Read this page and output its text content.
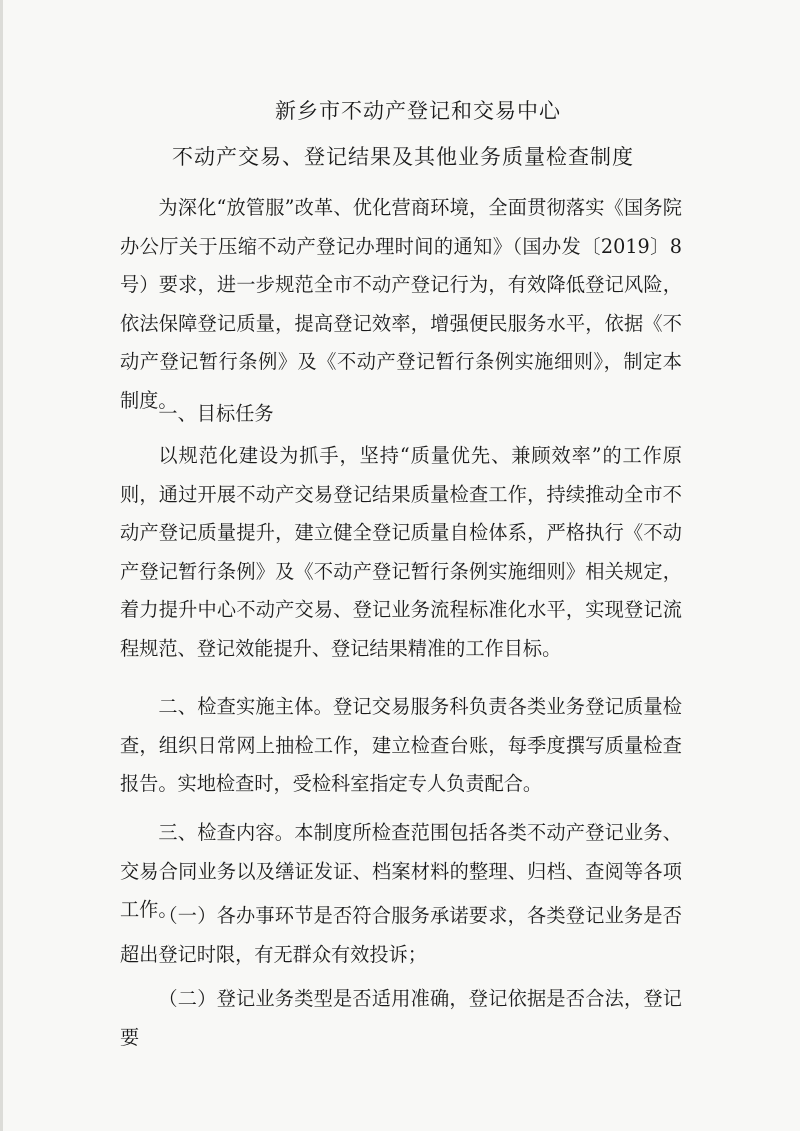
新乡市不动产登记和交易中心
不动产交易、登记结果及其他业务质量检查制度

为深化“放管服”改革、优化营商环境，全面贯彻落实《国务院办公厅关于压缩不动产登记办理时间的通知》（国办发〔2019〕8号）要求，进一步规范全市不动产登记行为，有效降低登记风险，依法保障登记质量，提高登记效率，增强便民服务水平，依据《不动产登记暂行条例》及《不动产登记暂行条例实施细则》，制定本制度。

一、目标任务

以规范化建设为抓手，坚持“质量优先、兼顾效率”的工作原则，通过开展不动产交易登记结果质量检查工作，持续推动全市不动产登记质量提升，建立健全登记质量自检体系，严格执行《不动产登记暂行条例》及《不动产登记暂行条例实施细则》相关规定，着力提升中心不动产交易、登记业务流程标准化水平，实现登记流程规范、登记效能提升、登记结果精准的工作目标。

二、检查实施主体。登记交易服务科负责各类业务登记质量检查，组织日常网上抽检工作，建立检查台账，每季度撰写质量检查报告。实地检查时，受检科室指定专人负责配合。

三、检查内容。本制度所检查范围包括各类不动产登记业务、交易合同业务以及缮证发证、档案材料的整理、归档、查阅等各项工作。

（一）各办事环节是否符合服务承诺要求，各类登记业务是否超出登记时限，有无群众有效投诉；

（二）登记业务类型是否适用准确，登记依据是否合法，登记要
